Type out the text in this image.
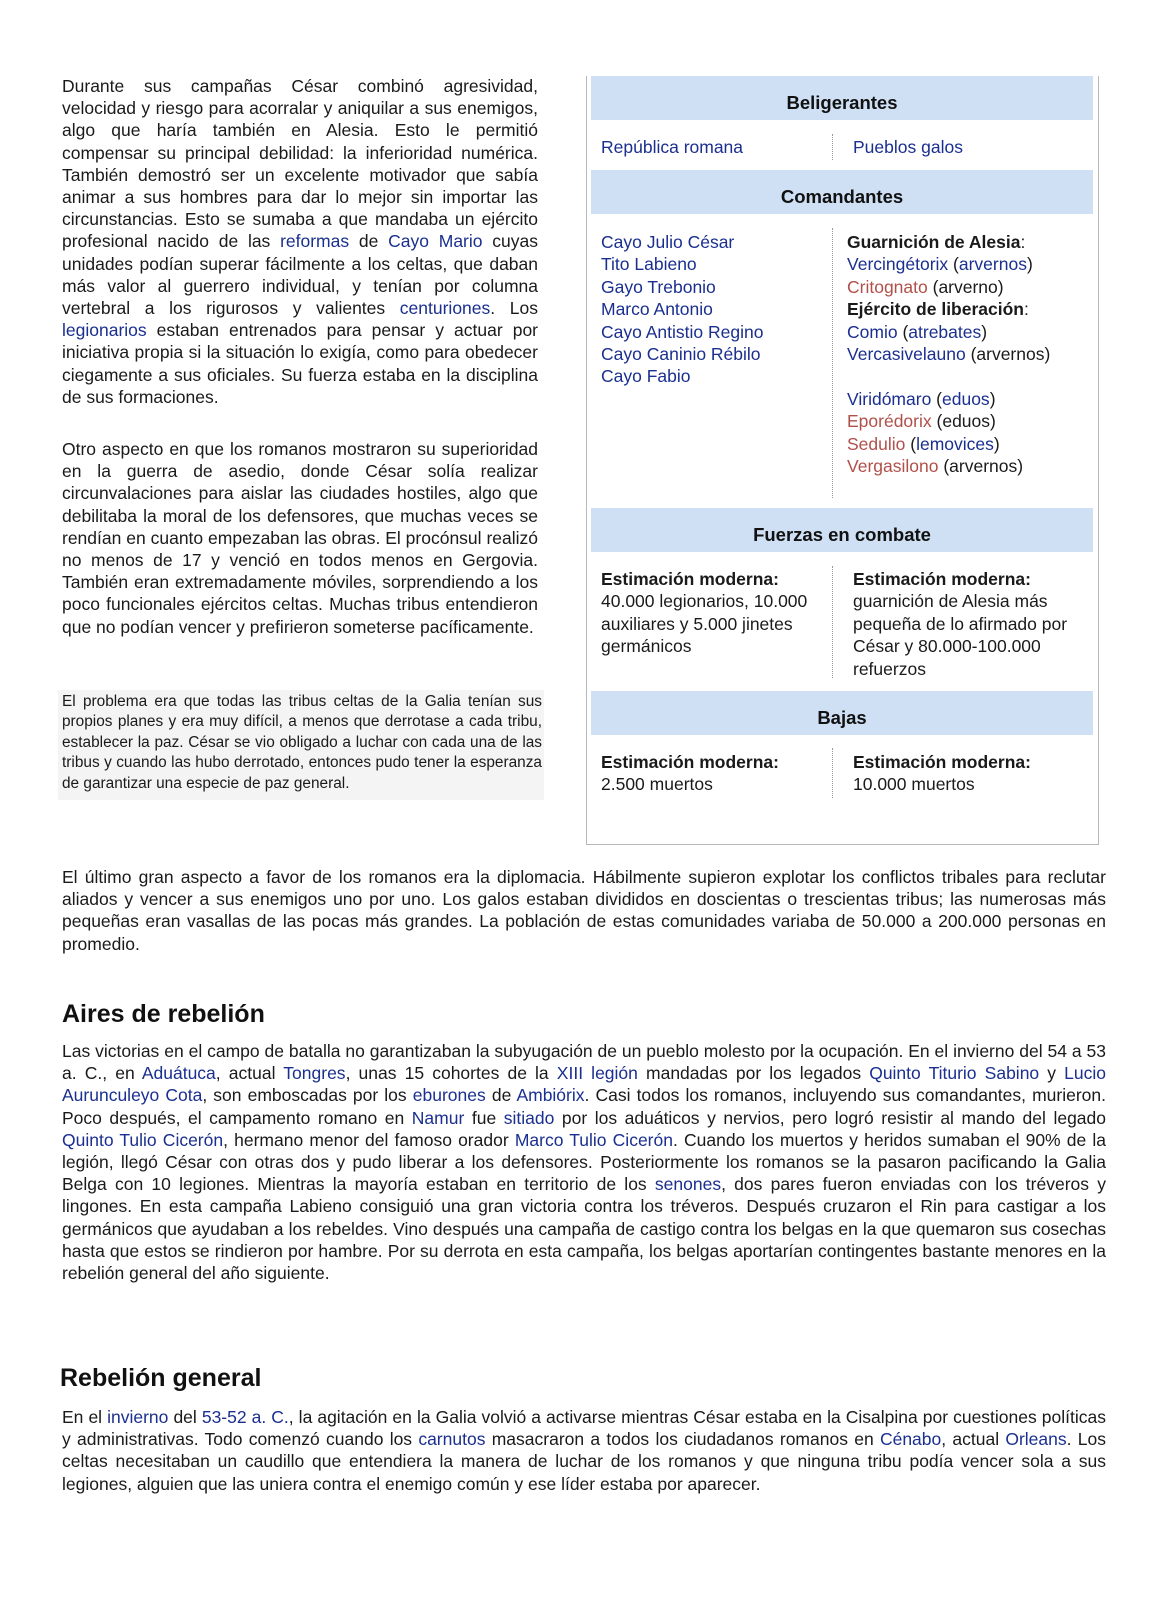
Durante sus campañas César combinó agresividad, velocidad y riesgo para acorralar y aniquilar a sus enemigos, algo que haría también en Alesia. Esto le permitió compensar su principal debilidad: la inferioridad numérica. También demostró ser un excelente motivador que sabía animar a sus hombres para dar lo mejor sin importar las circunstancias. Esto se sumaba a que mandaba un ejército profesional nacido de las reformas de Cayo Mario cuyas unidades podían superar fácilmente a los celtas, que daban más valor al guerrero individual, y tenían por columna vertebral a los rigurosos y valientes centuriones. Los legionarios estaban entrenados para pensar y actuar por iniciativa propia si la situación lo exigía, como para obedecer ciegamente a sus oficiales. Su fuerza estaba en la disciplina de sus formaciones.

Otro aspecto en que los romanos mostraron su superioridad en la guerra de asedio, donde César solía realizar circunvalaciones para aislar las ciudades hostiles, algo que debilitaba la moral de los defensores, que muchas veces se rendían en cuanto empezaban las obras. El procónsul realizó no menos de 17 y venció en todos menos en Gergovia. También eran extremadamente móviles, sorprendiendo a los poco funcionales ejércitos celtas. Muchas tribus entendieron que no podían vencer y prefirieron someterse pacíficamente.

El problema era que todas las tribus celtas de la Galia tenían sus propios planes y era muy difícil, a menos que derrotase a cada tribu, establecer la paz. César se vio obligado a luchar con cada una de las tribus y cuando las hubo derrotado, entonces pudo tener la esperanza de garantizar una especie de paz general.

Beligerantes
República romana	Pueblos galos
Comandantes
Cayo Julio César
Tito Labieno
Gayo Trebonio
Marco Antonio
Cayo Antistio Regino
Cayo Caninio Rébilo
Cayo Fabio
Guarnición de Alesia:
Vercingétorix (arvernos)
Critognato (arverno)
Ejército de liberación:
Comio (atrebates)
Vercasivelauno (arvernos)
Viridómaro (eduos)
Eporédorix (eduos)
Sedulio (lemovices)
Vergasilono (arvernos)
Fuerzas en combate
Estimación moderna:
40.000 legionarios, 10.000 auxiliares y 5.000 jinetes germánicos
Estimación moderna:
guarnición de Alesia más pequeña de lo afirmado por César y 80.000-100.000 refuerzos
Bajas
Estimación moderna:
2.500 muertos
Estimación moderna:
10.000 muertos

El último gran aspecto a favor de los romanos era la diplomacia. Hábilmente supieron explotar los conflictos tribales para reclutar aliados y vencer a sus enemigos uno por uno. Los galos estaban divididos en doscientas o trescientas tribus; las numerosas más pequeñas eran vasallas de las pocas más grandes. La población de estas comunidades variaba de 50.000 a 200.000 personas en promedio.

Aires de rebelión

Las victorias en el campo de batalla no garantizaban la subyugación de un pueblo molesto por la ocupación. En el invierno del 54 a 53 a. C., en Aduátuca, actual Tongres, unas 15 cohortes de la XIII legión mandadas por los legados Quinto Titurio Sabino y Lucio Aurunculeyo Cota, son emboscadas por los eburones de Ambiórix. Casi todos los romanos, incluyendo sus comandantes, murieron. Poco después, el campamento romano en Namur fue sitiado por los aduáticos y nervios, pero logró resistir al mando del legado Quinto Tulio Cicerón, hermano menor del famoso orador Marco Tulio Cicerón. Cuando los muertos y heridos sumaban el 90% de la legión, llegó César con otras dos y pudo liberar a los defensores. Posteriormente los romanos se la pasaron pacificando la Galia Belga con 10 legiones. Mientras la mayoría estaban en territorio de los senones, dos pares fueron enviadas con los tréveros y lingones. En esta campaña Labieno consiguió una gran victoria contra los tréveros. Después cruzaron el Rin para castigar a los germánicos que ayudaban a los rebeldes. Vino después una campaña de castigo contra los belgas en la que quemaron sus cosechas hasta que estos se rindieron por hambre. Por su derrota en esta campaña, los belgas aportarían contingentes bastante menores en la rebelión general del año siguiente.

Rebelión general

En el invierno del 53-52 a. C., la agitación en la Galia volvió a activarse mientras César estaba en la Cisalpina por cuestiones políticas y administrativas. Todo comenzó cuando los carnutos masacraron a todos los ciudadanos romanos en Cénabo, actual Orleans. Los celtas necesitaban un caudillo que entendiera la manera de luchar de los romanos y que ninguna tribu podía vencer sola a sus legiones, alguien que las uniera contra el enemigo común y ese líder estaba por aparecer.
